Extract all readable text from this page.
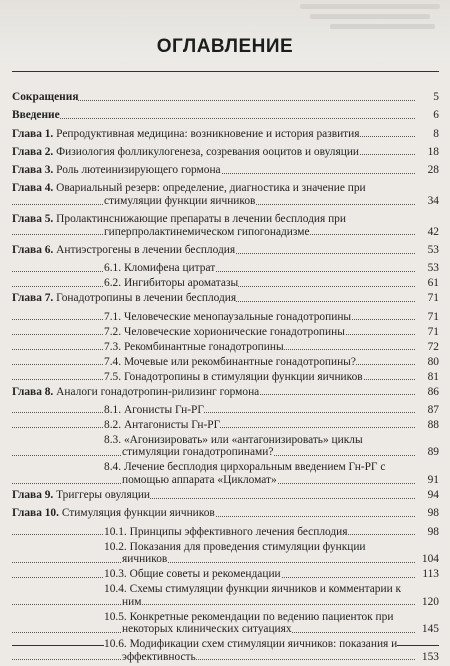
ОГЛАВЛЕНИЕ
Сокращения	5
Введение	6
Глава 1. Репродуктивная медицина: возникновение и история развития	8
Глава 2. Физиология фолликулогенеза, созревания ооцитов и овуляции	18
Глава 3. Роль лютеинизирующего гормона	28
Глава 4. Овариальный резерв: определение, диагностика и значение при стимуляции функции яичников	34
Глава 5. Пролактинснижающие препараты в лечении бесплодия при гиперпролактинемическом гипогонадизме	42
Глава 6. Антиэстрогены в лечении бесплодия	53
6.1. Кломифена цитрат	53
6.2. Ингибиторы ароматазы	61
Глава 7. Гонадотропины в лечении бесплодия	71
7.1. Человеческие менопаузальные гонадотропины	71
7.2. Человеческие хорионические гонадотропины	71
7.3. Рекомбинантные гонадотропины	72
7.4. Мочевые или рекомбинантные гонадотропины?	80
7.5. Гонадотропины в стимуляции функции яичников	81
Глава 8. Аналоги гонадотропин-рилизинг гормона	86
8.1. Агонисты Гн-РГ	87
8.2. Антагонисты Гн-РГ	88
8.3. «Агонизировать» или «антагонизировать» циклы стимуляции гонадотропинами?	89
8.4. Лечение бесплодия цирхоральным введением Гн-РГ с помощью аппарата «Цикломат»	91
Глава 9. Триггеры овуляции	94
Глава 10. Стимуляция функции яичников	98
10.1. Принципы эффективного лечения бесплодия	98
10.2. Показания для проведения стимуляции функции яичников	104
10.3. Общие советы и рекомендации	113
10.4. Схемы стимуляции функции яичников и комментарии к ним	120
10.5. Конкретные рекомендации по ведению пациенток при некоторых клинических ситуациях	145
10.6. Модификации схем стимуляции яичников: показания и эффективность	153
